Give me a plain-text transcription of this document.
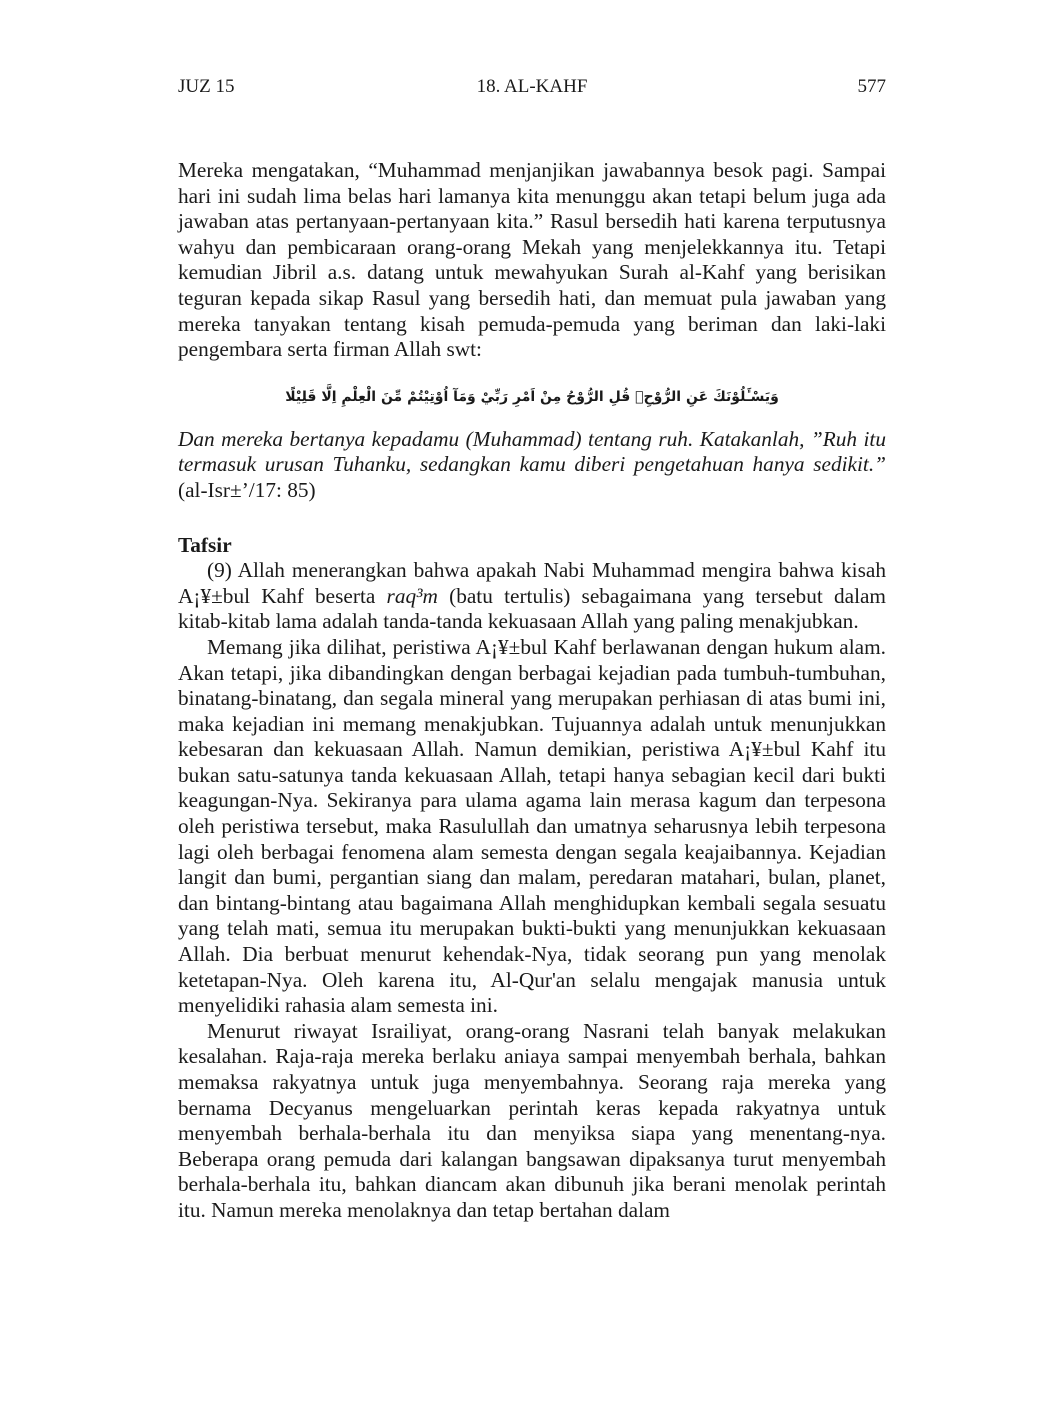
JUZ 15	18. AL-KAHF	577

Mereka mengatakan, “Muhammad menjanjikan jawabannya besok pagi. Sampai hari ini sudah lima belas hari lamanya kita menunggu akan tetapi belum juga ada jawaban atas pertanyaan-pertanyaan kita.” Rasul bersedih hati karena terputusnya wahyu dan pembicaraan orang-orang Mekah yang menjelekkannya itu. Tetapi kemudian Jibril a.s. datang untuk mewahyukan Surah al-Kahf yang berisikan teguran kepada sikap Rasul yang bersedih hati, dan memuat pula jawaban yang mereka tanyakan tentang kisah pemuda-pemuda yang beriman dan laki-laki pengembara serta firman Allah swt:

وَيَسْـَٔلُوْنَكَ عَنِ الرُّوْحِۗ قُلِ الرُّوْحُ مِنْ اَمْرِ رَبِّيْ وَمَآ اُوْتِيْتُمْ مِّنَ الْعِلْمِ اِلَّا قَلِيْلًا

Dan mereka bertanya kepadamu (Muhammad) tentang ruh. Katakanlah, ”Ruh itu termasuk urusan Tuhanku, sedangkan kamu diberi pengetahuan hanya sedikit.” (al-Isr±’/17: 85)

Tafsir

(9) Allah menerangkan bahwa apakah Nabi Muhammad mengira bahwa kisah A¡¥±bul Kahf beserta raq³m (batu tertulis) sebagaimana yang tersebut dalam kitab-kitab lama adalah tanda-tanda kekuasaan Allah yang paling menakjubkan.

Memang jika dilihat, peristiwa A¡¥±bul Kahf berlawanan dengan hukum alam. Akan tetapi, jika dibandingkan dengan berbagai kejadian pada tumbuh-tumbuhan, binatang-binatang, dan segala mineral yang merupakan perhiasan di atas bumi ini, maka kejadian ini memang menakjubkan. Tujuannya adalah untuk menunjukkan kebesaran dan kekuasaan Allah. Namun demikian, peristiwa A¡¥±bul Kahf itu bukan satu-satunya tanda kekuasaan Allah, tetapi hanya sebagian kecil dari bukti keagungan-Nya. Sekiranya para ulama agama lain merasa kagum dan terpesona oleh peristiwa tersebut, maka Rasulullah dan umatnya seharusnya lebih terpesona lagi oleh berbagai fenomena alam semesta dengan segala keajaibannya. Kejadian langit dan bumi, pergantian siang dan malam, peredaran matahari, bulan, planet, dan bintang-bintang atau bagaimana Allah menghidupkan kembali segala sesuatu yang telah mati, semua itu merupakan bukti-bukti yang menunjukkan kekuasaan Allah. Dia berbuat menurut kehendak-Nya, tidak seorang pun yang menolak ketetapan-Nya. Oleh karena itu, Al-Qur'an selalu mengajak manusia untuk menyelidiki rahasia alam semesta ini.

Menurut riwayat Israiliyat, orang-orang Nasrani telah banyak melakukan kesalahan. Raja-raja mereka berlaku aniaya sampai menyembah berhala, bahkan memaksa rakyatnya untuk juga menyembahnya. Seorang raja mereka yang bernama Decyanus mengeluarkan perintah keras kepada rakyatnya untuk menyembah berhala-berhala itu dan menyiksa siapa yang menentang-nya. Beberapa orang pemuda dari kalangan bangsawan dipaksanya turut menyembah berhala-berhala itu, bahkan diancam akan dibunuh jika berani menolak perintah itu. Namun mereka menolaknya dan tetap bertahan dalam
